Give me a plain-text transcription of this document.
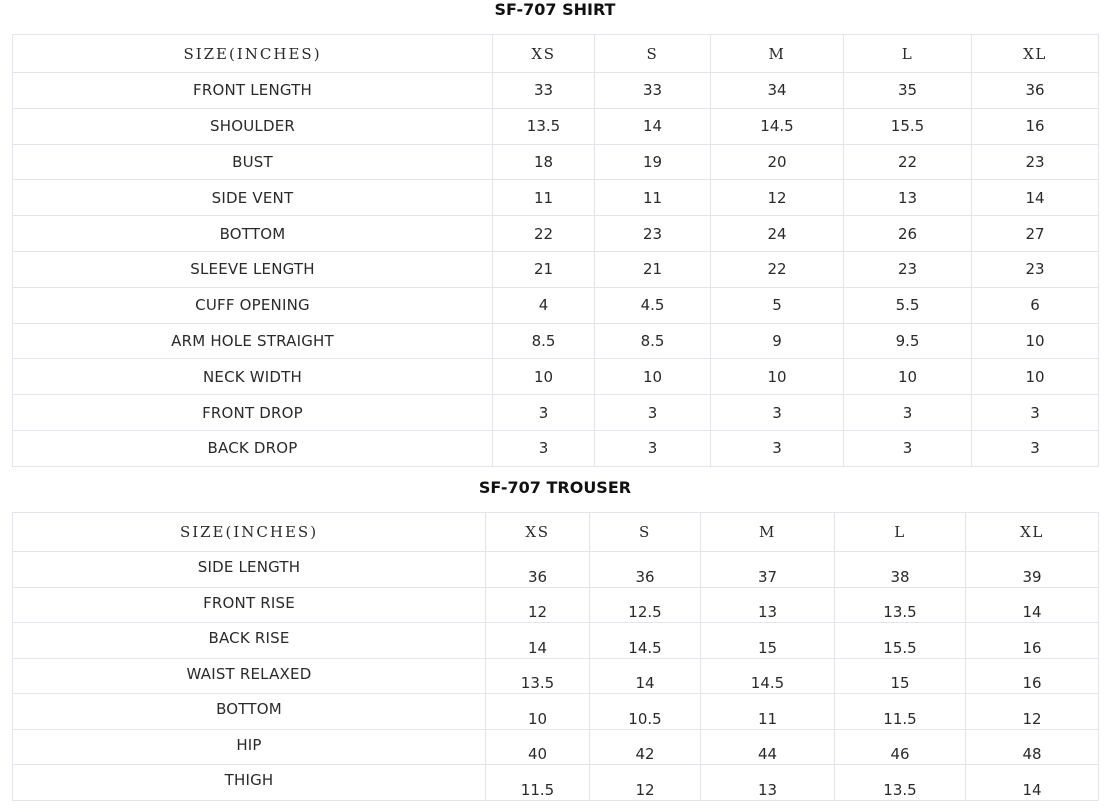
SF-707 SHIRT
SIZE(INCHES)	XS	S	M	L	XL
FRONT LENGTH	33	33	34	35	36
SHOULDER	13.5	14	14.5	15.5	16
BUST	18	19	20	22	23
SIDE VENT	11	11	12	13	14
BOTTOM	22	23	24	26	27
SLEEVE LENGTH	21	21	22	23	23
CUFF OPENING	4	4.5	5	5.5	6
ARM HOLE STRAIGHT	8.5	8.5	9	9.5	10
NECK WIDTH	10	10	10	10	10
FRONT DROP	3	3	3	3	3
BACK DROP	3	3	3	3	3
SF-707 TROUSER
SIZE(INCHES)	XS	S	M	L	XL
SIDE LENGTH	36	36	37	38	39
FRONT RISE	12	12.5	13	13.5	14
BACK RISE	14	14.5	15	15.5	16
WAIST RELAXED	13.5	14	14.5	15	16
BOTTOM	10	10.5	11	11.5	12
HIP	40	42	44	46	48
THIGH	11.5	12	13	13.5	14
